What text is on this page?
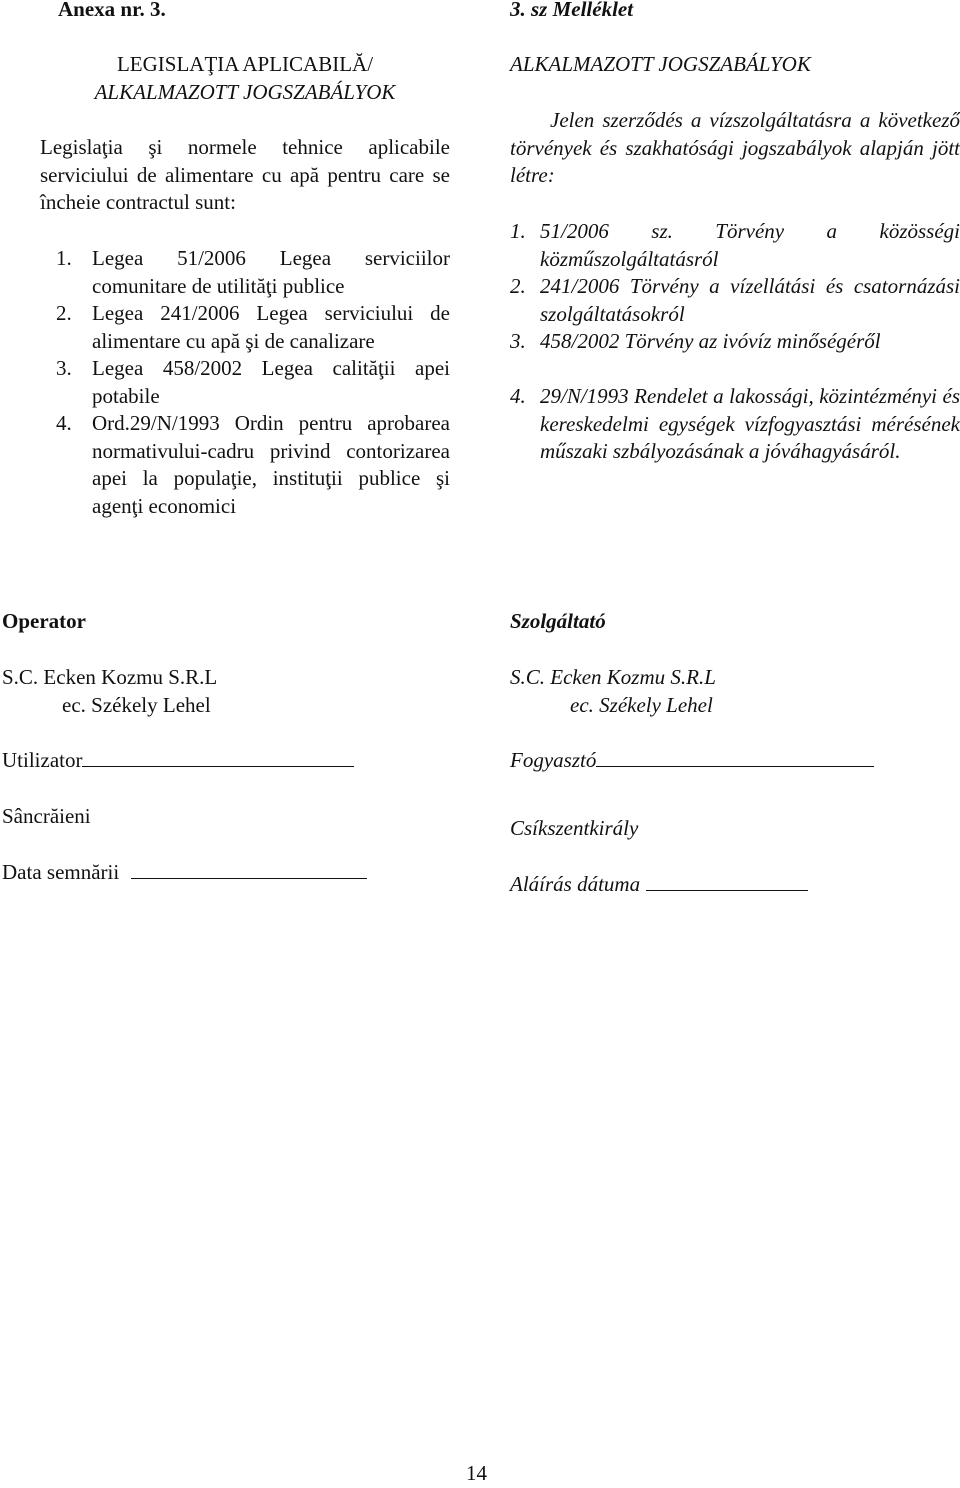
Anexa nr. 3.
LEGISLAŢIA APLICABILĂ/
ALKALMAZOTT JOGSZABÁLYOK
Legislaţia şi normele tehnice aplicabile serviciului de alimentare cu apă pentru care se încheie contractul sunt:
1. Legea 51/2006 Legea serviciilor comunitare de utilităţi publice
2. Legea 241/2006 Legea serviciului de alimentare cu apă şi de canalizare
3. Legea 458/2002 Legea calităţii apei potabile
4. Ord.29/N/1993 Ordin pentru aprobarea normativului-cadru privind contorizarea apei la populaţie, instituţii publice şi agenţi economici
3. sz Melléklet
ALKALMAZOTT JOGSZABÁLYOK
Jelen szerződés a vízszolgáltatásra a következő törvények és szakhatósági jogszabályok alapján jött létre:
1. 51/2006 sz. Törvény a közösségi közműszolgáltatásról
2. 241/2006 Törvény a vízellátási és csatornázási szolgáltatásokról
3. 458/2002 Törvény az ivóvíz minőségéről
4. 29/N/1993 Rendelet a lakossági, közintézményi és kereskedelmi egységek vízfogyasztási mérésének műszaki szbályozásának a jóváhagyásáról.
Operator
S.C. Ecken Kozmu S.R.L
ec. Székely Lehel
Utilizator
Sâncrăieni
Data semnării
Szolgáltató
S.C. Ecken Kozmu S.R.L
ec. Székely Lehel
Fogyasztó
Csíkszentkirály
Aláírás dátuma
14
